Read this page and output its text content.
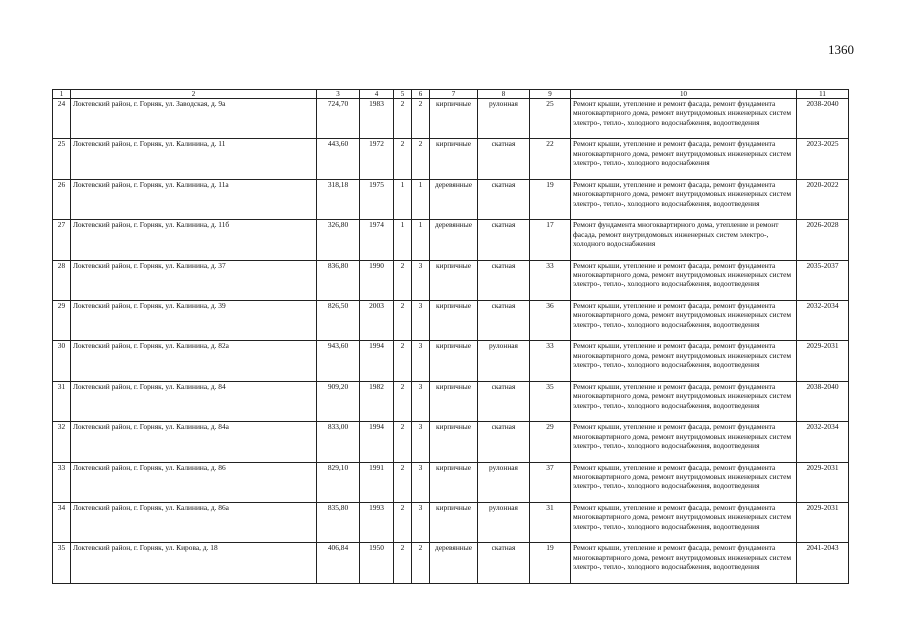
1360
1	2	3	4	5	6	7	8	9	10	11
24	Локтевский район, г. Горняк, ул. Заводская, д. 9а	724,70	1983	2	2	кирпичные	рулонная	25	Ремонт крыши, утепление и ремонт фасада, ремонт фундамента многоквартирного дома, ремонт внутридомовых инженерных систем электро-, тепло-, холодного водоснабжения, водоотведения	2038-2040
25	Локтевский район, г. Горняк, ул. Калинина, д. 11	443,60	1972	2	2	кирпичные	скатная	22	Ремонт крыши, утепление и ремонт фасада, ремонт фундамента многоквартирного дома, ремонт внутридомовых инженерных систем электро-, тепло-, холодного водоснабжения	2023-2025
26	Локтевский район, г. Горняк, ул. Калинина, д. 11а	318,18	1975	1	1	деревянные	скатная	19	Ремонт крыши, утепление и ремонт фасада, ремонт фундамента многоквартирного дома, ремонт внутридомовых инженерных систем электро-, тепло-, холодного водоснабжения, водоотведения	2020-2022
27	Локтевский район, г. Горняк, ул. Калинина, д. 11б	326,80	1974	1	1	деревянные	скатная	17	Ремонт фундамента многоквартирного дома, утепление и ремонт фасада, ремонт внутридомовых инженерных систем электро-, холодного водоснабжения	2026-2028
28	Локтевский район, г. Горняк, ул. Калинина, д. 37	836,80	1990	2	3	кирпичные	скатная	33	Ремонт крыши, утепление и ремонт фасада, ремонт фундамента многоквартирного дома, ремонт внутридомовых инженерных систем электро-, тепло-, холодного водоснабжения, водоотведения	2035-2037
29	Локтевский район, г. Горняк, ул. Калинина, д. 39	826,50	2003	2	3	кирпичные	скатная	36	Ремонт крыши, утепление и ремонт фасада, ремонт фундамента многоквартирного дома, ремонт внутридомовых инженерных систем электро-, тепло-, холодного водоснабжения, водоотведения	2032-2034
30	Локтевский район, г. Горняк, ул. Калинина, д. 82а	943,60	1994	2	3	кирпичные	рулонная	33	Ремонт крыши, утепление и ремонт фасада, ремонт фундамента многоквартирного дома, ремонт внутридомовых инженерных систем электро-, тепло-, холодного водоснабжения, водоотведения	2029-2031
31	Локтевский район, г. Горняк, ул. Калинина, д. 84	909,20	1982	2	3	кирпичные	скатная	35	Ремонт крыши, утепление и ремонт фасада, ремонт фундамента многоквартирного дома, ремонт внутридомовых инженерных систем электро-, тепло-, холодного водоснабжения, водоотведения	2038-2040
32	Локтевский район, г. Горняк, ул. Калинина, д. 84а	833,00	1994	2	3	кирпичные	скатная	29	Ремонт крыши, утепление и ремонт фасада, ремонт фундамента многоквартирного дома, ремонт внутридомовых инженерных систем электро-, тепло-, холодного водоснабжения, водоотведения	2032-2034
33	Локтевский район, г. Горняк, ул. Калинина, д. 86	829,10	1991	2	3	кирпичные	рулонная	37	Ремонт крыши, утепление и ремонт фасада, ремонт фундамента многоквартирного дома, ремонт внутридомовых инженерных систем электро-, тепло-, холодного водоснабжения, водоотведения	2029-2031
34	Локтевский район, г. Горняк, ул. Калинина, д. 86а	835,80	1993	2	3	кирпичные	рулонная	31	Ремонт крыши, утепление и ремонт фасада, ремонт фундамента многоквартирного дома, ремонт внутридомовых инженерных систем электро-, тепло-, холодного водоснабжения, водоотведения	2029-2031
35	Локтевский район, г. Горняк, ул. Кирова, д. 18	406,84	1950	2	2	деревянные	скатная	19	Ремонт крыши, утепление и ремонт фасада, ремонт фундамента многоквартирного дома, ремонт внутридомовых инженерных систем электро-, тепло-, холодного водоснабжения, водоотведения	2041-2043
